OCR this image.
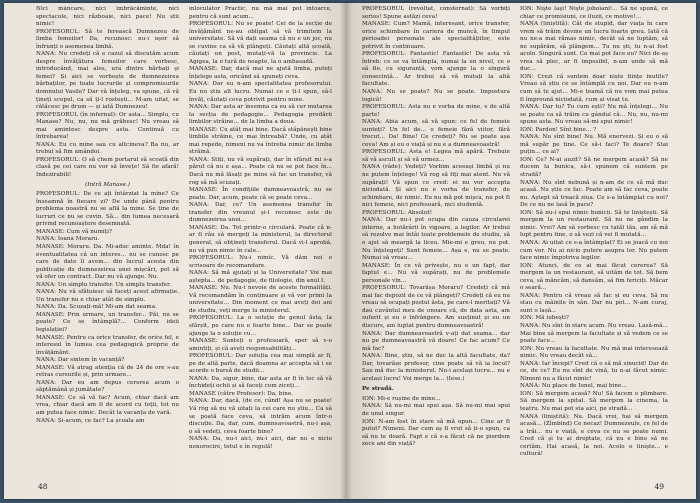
Nici mâncare, nici îmbrăcăminte, nici spectacole, nici războaie, nici pace! Nu știi nimic!

PROFESORUL: Să te ferească Dumnezeu de limba femeilor! Da, recunosc: nu-i ușor să înfrunți o asemenea limbă.

NANA: Nu credeți că e cazul să discutăm acum despre învățătura femeilor care vorbesc, introducând, mai ales, ura dintre bărbați și femei? Și aici se vorbește de dumnezeirea bărbaților, pe toate lucrurile și compromisurile domnului Vasile? Dar vă înțeleg, va spune, că vă țineți scopul, ca să ți-l rostești... M-am uitat, se rătăcesc pe drum — și iată Dumnezeu!

PROFESORUL (în infernul): Or asta... Simplu, cu Manase? Nu, nu, nu mă grăbesc! Nu vreau să mai amintesc despre asta. Continuă cu întrebarea!

NANA: Eu cu mine sau cu altcineva? Ba nu, ar trebui să fim amândoi.

PROFESORUL: O să chem portarul să scoată din clasă pe cei care nu vor să învețe! Să fie afară! Indezirabili!

(Intră Manase.)

PROFESORUL: De ce ați întârziat la mine? Ce înseamnă în fiecare zi? De unde până pentru problema noastră nu se află la mine. Se ține de lucruri ce nu se cuvin. Să... din lumea necesară privind recunoaștere desemnată.

MANASE: Cum vă numiți?

NANA: Ioana Moraru.

MANASE: Moraru. Da. Mi-aduc aminte. Mda! în eventualitatea că un interes... nu se cunosc pe care de date îl avem... din lucrul acesta din publicație de dumnezeirea unei mișcări, pot să vă ofer un contract. Dar nu vă ajunge. Nu.

NANA: Un simplu transfer. Un simplu transfer.

NANA: Nu vă sfătuiesc să faceți acest afirmație. Un transfer nu e chiar atât de simplu.

NANA: Da. Scuzați-mă! Mi-am dat seama.

MANASE: Prin urmare, un transfer... Păi, nu se poate? Ce se întâmplă?... Conform ideii legislației?

MANASE: Pentru ca orice transfer, de orice fel, e interesul în lumea cea pedagogică proprie de învățământ.

NANA: Dar sintem în vacanță?

MANASE: Vă atrag atenția că de 24 de ore s-au retras cursurile și, prin urmare...

NANA: Dar eu am depus cererea acum o săptămână și jumătate?

MANASE: Ce să vă fac? Acum, chiar dacă am vrea, chiar dacă am fi de acord cu toții, tot nu am putea face nimic. Decât la vacanța de vară.

NANA: Și-acum, ce fac? La școala am

inloculator Practic, nu mă mai pot întoarce, pentru că sunt acum...

PROFESORUL: Nu se poate! Cei de la secție de învățământ ne-au obligat să vă trimitem la universitate. Să vă dați seama că nu e un joc, nu se cuvine ca să vă plângeți. Căutați altă școală, căutați un post, mutați-vă la provincie. La Agigea, la o tură de noapte, la o ambasadă.

MANASE: Dar, dacă mai ne ajută limba, puteți înțelege asta, oricând să spuneți ceva.

NANA: Dar eu n-am specialitatea profesorului. Eu nu știu alt lucru. Numai ce e ți-l spun, să-l învăț, căutați ceva potrivit pentru mine.

NANA: Dar asta ar însemna ca eu să cer mutarea la secția de pedagogie... Pedagogia predării limbilor străine... de la limba a doua.

MANASE: Cu atât mai bine. Dacă stăpânești bine limbile străine, ce mai întreabă? Unde, cu atât mai repede, nimeni nu va întreba nimic de limba străină.

NANA: Stiți, nu vă supărați, dar în sfârșit mi s-a părut că nu e așa... Poate că nu se pot face în... Dacă nu mă lăsați pe mine să fac un transfer, vă rog să mă scuzați.

MANASE: În condițiile dumneavoastră, nu se poate. Dar, acum, poate că se poate ceva...

NANA: Dar, ce? Un asemenea transfer în transfer din vreunul și-l recunosc este de dumnezeirea unei...

MANASE: Da. Tot printr-o circulară. Poate că n-ar fi rău să mergeți la ministerul, la directorul general, să obțineți transferul. Dacă vi-l aprobă, nu vă pun nimic în cale...

PROFESORUL: Nu-i nimic. Vă dăm noi o scrisoare de recomandare.

NANA: Să mă ajutați și la Universitate? Voi mai aștepta... de pedagogie, de filologie, din anul I.

MANASE: Nu. Nu-i nevoie de aceste formalități. Vă recomandăm în continuare și vă vor primi la universitate... Din moment ce mai aveți doi ani de studiu, veți merge la ministerul.

PROFESORUL: La o soluție de genul ăsta, la sfârșit, pe care nu e foarte bine... Dar se poate ajunge la o soluție cu...

MANASE: Sunteți o profesoară, sper să v-o amintiți, și că aveți responsabilități...

PROFESORUL: Dar soluția cea mai simplă ar fi, pe de altă parte, dacă doamna ar accepta să i se acorde o bursă de studii...

NANA: Da, sigur, bine, dar asta ar fi în loc să vă închideți ochii și să faceți cum ziceți...

MANASE (către Profesor): Da, bine.

NANA: Dar, dacă, (de ce, când! Așa nu se poate! Vă rog să nu vă uitați la cei care nu știu... Ca să se poată face ceva, să intrăm acum într-o discuție. Da, dar, cum, dumneavoastră, nu-i așa, o să vedeți, ceva foarte bine?

NANA: Da, nu-i aici, nu-i aici, dar nu e nicio nenorocire, totul e în regulă!

48

PROFESORUL (revoltat, consternat): Să vorbiți serios! Spune astăzi ceva!

MANASE: Cum? Mamă, interesant, orice transfer, orice schimbare în cariera de muncă, în timpul perioadei personale ale specialitățiilor, este potrivit în continuare.

PROFESORUL: Fantastic! Fantastic! De asta vă întreb: ce se va întâmpla, numai la un nivel, ce o să fie, cu siguranță, vom ajunge la o singură consecință... Ar trebui să vă mutați la altă facultate.

NANA: Nu se poate? Nu se poate. Impostura logică!

PROFESORUL: Asta nu e vorba de mine, e de altă parte!

NANA: Abia acum, să vă spun: ce fel de femeie sunteți? Un fel de... o femeie fără viitor, fără trecut... Da! Bine! Ce credeți? Nu se poate așa ceva! Am și eu o viață și nu e a dumneavoastră!

PROFESORUL: Asta e! Legea mă apără. Trebuie să vă ascult și să vă urmez...

NANA (râde): Vedeți? Vorbim aceeași limbă și nu ne putem înțelege! Vă rog să fiți mai atent. Nu vă supărați! Vă spun ce cred: ei nu vor accepta niciodată. Și aici nu e vorba de transfer, de schimbare, de nimic. Eu nu mă pot mișca, nu pot fi nici femeie, nici profesoară, nici studentă.

PROFESORUL: Absolut!

NANA: Dar nu-i pot ocupa din cauza circularei interne, a hotărârii în vigoare, a legilor. Ar trebui să rezolve mai întâi toate problemele de studiu, să o ajut să meargă la liceu. Mie-mi e greu, nu pot. Nu înțelegeți! Sunt femeie... Așa e, nu se poate. Numai să vreau...

MANASE: În ce vă privește, nu e un fapt, dar faptul e... Nu vă supărați, nu de problemele personale vin...

PROFESORUL: Tovarășa Moraru? Credeți că mă mai fac depozit de ce vă plângeți? Credeți că eu nu vreau să ocupați postul ăsta, pe care-l meritați? Vă dau cuvântul meu de onoare că, de data asta, am suferit și eu o înfrângere. Am susținut și eu un discurs, am luptat pentru dumneavoastră!

NANA: Dar dumneavoastră v-ați dat seama... dar nu pe dumneavoastră vă doare! Ce fac acum? Ce mă fac?

NANA: Bine, știu, să ne duc la altă facultate, da? Dar, tovarășe profesor, cine poate să vă ia locul? Sau mă duc la ministerul. Nu-i același lucru... nu e același lucru! Voi merge la... (Iese.)

Pe stradă.

ION: Mi-e rușine de mine...

NANA: Să nu-mi mai spui așa. Să nu-mi mai spui de unul singur.

ION: N-am fost în stare să mă opun... Cine ar fi putut? Nimeni. Dar cum aș fi vrut să ți-o spun, ca să nu te doară. Fapt e că s-a făcut că ne pierdem zece ani din viață?

ION: Nişte laşi! Nişte joboiani!... Să ne spună, ce chiar ce promisiuni, ce iluzii, ce motive!...

NANA (liniștită): Cât de stupid, dar viața în care vrem să trăim devine un lucru foarte greu. Iată că nu ne-a mai rămas nimic, decât să ne luptăm, să ne supărăm, să plângem... Tu nu ști, tu n-ai fost acolo. Singură sunt. Ce mai pot face eu? Nici de-aș vrea să plec, ar fi imposibil, n-am unde să mă duc...

ION: Crezi că suntem doar niște ființe inutile? Vreau să știu ce se întâmplă cu noi. Dar eu n-am cum să te ajut... Mi-e teamă că nu vom mai putea fi împreună niciodată, cum ai visat tu.

NANA: Dar tu? Tu cum ești? Nu mă înțelegi... Nu se poate ca să trăim cu gândul că... Nu, nu, nu-mi spune asta. Nu vreau să-mi spui nimic!

ION: Pardon! Sînt bine... ?

NANA: Nu sînt bine! Nu. Mă enervezi. Și eu o să mă supăr pe tine. Ce să-i faci? Te doare? Stai puțin... ce ai?

ION: Ce? N-ai auzit? Să ne mergem acasă? Să ne ducem la bunica, să-i spunem că suntem pe stradă?

NANA: Nu sînt nebună și n-am de ce să mă duc acasă. Nu știu ce fac. Poate am să fac ceva, poate nu. Aștept să treacă ziua. Ce s-a întâmplat cu noi? De ce nu ne lasă în pace?

ION: Să nu-i spui nimic bunicii. Să te liniștești. Să mergem la un restaurant. Să nu ne gândim la nimic. Vrei? Am să vorbesc cu tatăl tău, am să mă lupt pentru tine, o să vezi că vei fi mutată...

NANA: Ai uitat ce s-a întâmplat? Ei se joacă cu noi cum vor. Nu ai nicio putere asupra lor. Nu putem face nimic împotriva legilor.

ION: Atunci, de ce ai mai făcut cererea? Să mergem la un restaurant, să uităm de tot. Să bem ceva, să mâncăm, să dansăm, să fim fericiți. Măcar o seară...

NANA: Pentru că vreau să fac și eu ceva. Să nu stau cu mâinile în sân. Dar nu pot... N-am curaj, sunt o lașă...

ION: Mă iubești?

NANA: Nu sînt în stare acum. Nu vreau. Lasă-mă... Mai bine să mergem la facultate și să vedem ce se poate face...

ION: Nu vreau la facultate. Nu mă mai interesează nimic. Nu vreau decât să...

NANA: Iar începi? Cred că o să mă sinucid! Dar de ce, de ce? Eu nu sînt de vină, tu n-ai făcut nimic. Nimeni nu a făcut nimic!

NANA: Nu place de Ionel, mai bine...

ION: Să mergem acasă? Nu! Să facem o plimbare. Să mergem la spital. Să mergem la cinema, la teatru. Nu mai pot sta aici, pe stradă...

NANA (liniștită): Nu. Dacă vrei, hai să mergem acasă... (Zîmbind) Ce necaz! Dumnezeule, ce fel de a trăi... nu e viață, e ceva ce nu se poate numi. Cred că și tu ai dreptate, că nu e bine să ne certăm. Hai acasă, la noi. Acolo e liniște... e cultură!

49
